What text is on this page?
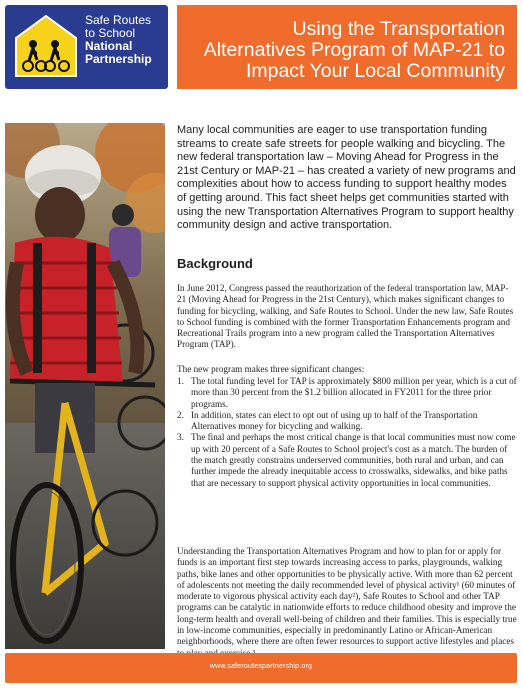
Safe Routes
to School
National
Partnership
Using the Transportation
Alternatives Program of MAP-21 to
Impact Your Local Community

Many local communities are eager to use transportation funding streams to create safe streets for people walking and bicycling. The new federal transportation law – Moving Ahead for Progress in the 21st Century or MAP-21 – has created a variety of new programs and complexities about how to access funding to support healthy modes of getting around. This fact sheet helps get communities started with using the new Transportation Alternatives Program to support healthy community design and active transportation.

Background

In June 2012, Congress passed the reauthorization of the federal transportation law, MAP-21 (Moving Ahead for Progress in the 21st Century), which makes significant changes to funding for bicycling, walking, and Safe Routes to School. Under the new law, Safe Routes to School funding is combined with the former Transportation Enhancements program and Recreational Trails program into a new program called the Transportation Alternatives Program (TAP).

The new program makes three significant changes:

1. The total funding level for TAP is approximately $800 million per year, which is a cut of more than 30 percent from the $1.2 billion allocated in FY2011 for the three prior programs.
2. In addition, states can elect to opt out of using up to half of the Transportation Alternatives money for bicycling and walking.
3. The final and perhaps the most critical change is that local communities must now come up with 20 percent of a Safe Routes to School project's cost as a match. The burden of the match greatly constrains underserved communities, both rural and urban, and can further impede the already inequitable access to crosswalks, sidewalks, and bike paths that are necessary to support physical activity opportunities in local communities.

Understanding the Transportation Alternatives Program and how to plan for or apply for funds is an important first step towards increasing access to parks, playgrounds, walking paths, bike lanes and other opportunities to be physically active. With more than 62 percent of adolescents not meeting the daily recommended level of physical activity¹ (60 minutes of moderate to vigorous physical activity each day²), Safe Routes to School and other TAP programs can be catalytic in nationwide efforts to reduce childhood obesity and improve the long-term health and overall well-being of children and their families. This is especially true in low-income communities, especially in predominantly Latino or African-American neighborhoods, where there are often fewer resources to support active lifestyles and places

www.saferoutespartnership.org
